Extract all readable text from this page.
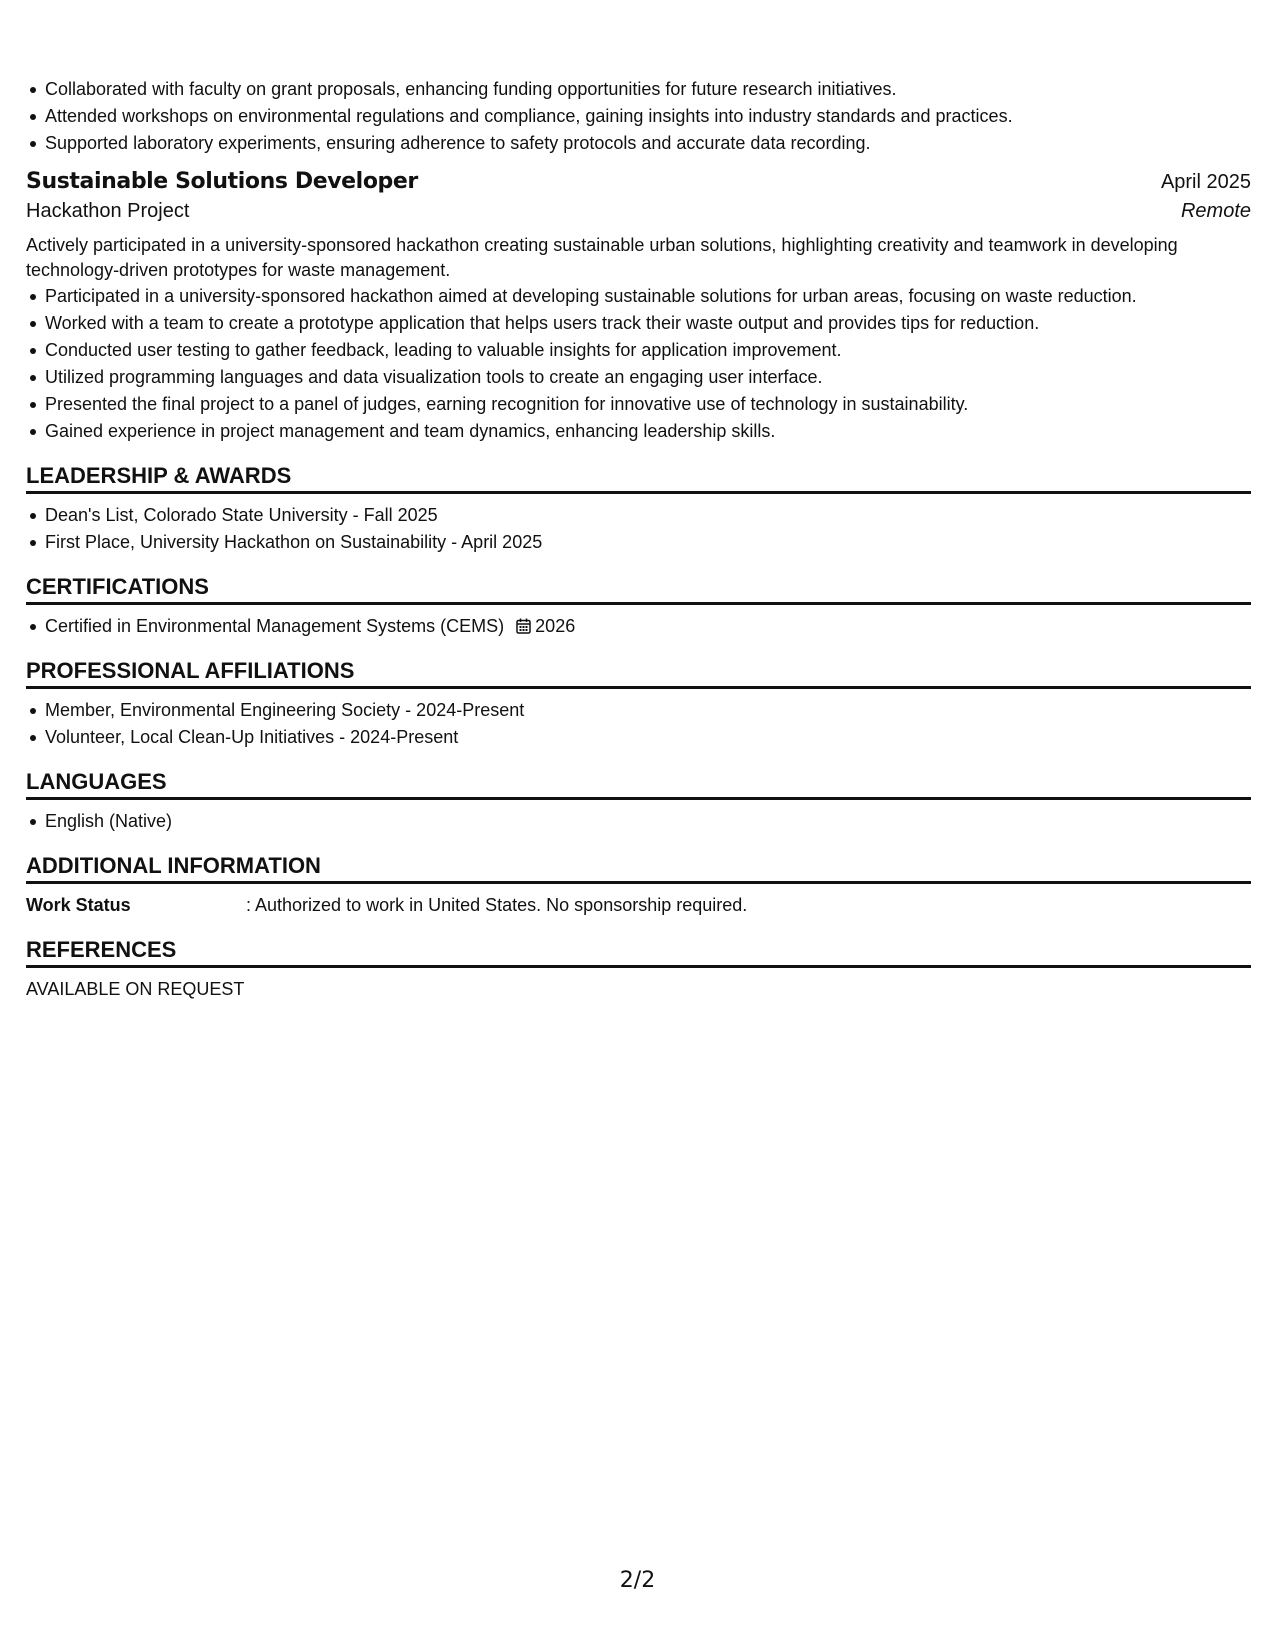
Collaborated with faculty on grant proposals, enhancing funding opportunities for future research initiatives.
Attended workshops on environmental regulations and compliance, gaining insights into industry standards and practices.
Supported laboratory experiments, ensuring adherence to safety protocols and accurate data recording.
Sustainable Solutions Developer	April 2025
Hackathon Project	Remote
Actively participated in a university-sponsored hackathon creating sustainable urban solutions, highlighting creativity and teamwork in developing technology-driven prototypes for waste management.
Participated in a university-sponsored hackathon aimed at developing sustainable solutions for urban areas, focusing on waste reduction.
Worked with a team to create a prototype application that helps users track their waste output and provides tips for reduction.
Conducted user testing to gather feedback, leading to valuable insights for application improvement.
Utilized programming languages and data visualization tools to create an engaging user interface.
Presented the final project to a panel of judges, earning recognition for innovative use of technology in sustainability.
Gained experience in project management and team dynamics, enhancing leadership skills.
LEADERSHIP & AWARDS
Dean's List, Colorado State University - Fall 2025
First Place, University Hackathon on Sustainability - April 2025
CERTIFICATIONS
Certified in Environmental Management Systems (CEMS) 2026
PROFESSIONAL AFFILIATIONS
Member, Environmental Engineering Society - 2024-Present
Volunteer, Local Clean-Up Initiatives - 2024-Present
LANGUAGES
English (Native)
ADDITIONAL INFORMATION
Work Status	: Authorized to work in United States. No sponsorship required.
REFERENCES
AVAILABLE ON REQUEST
2/2
